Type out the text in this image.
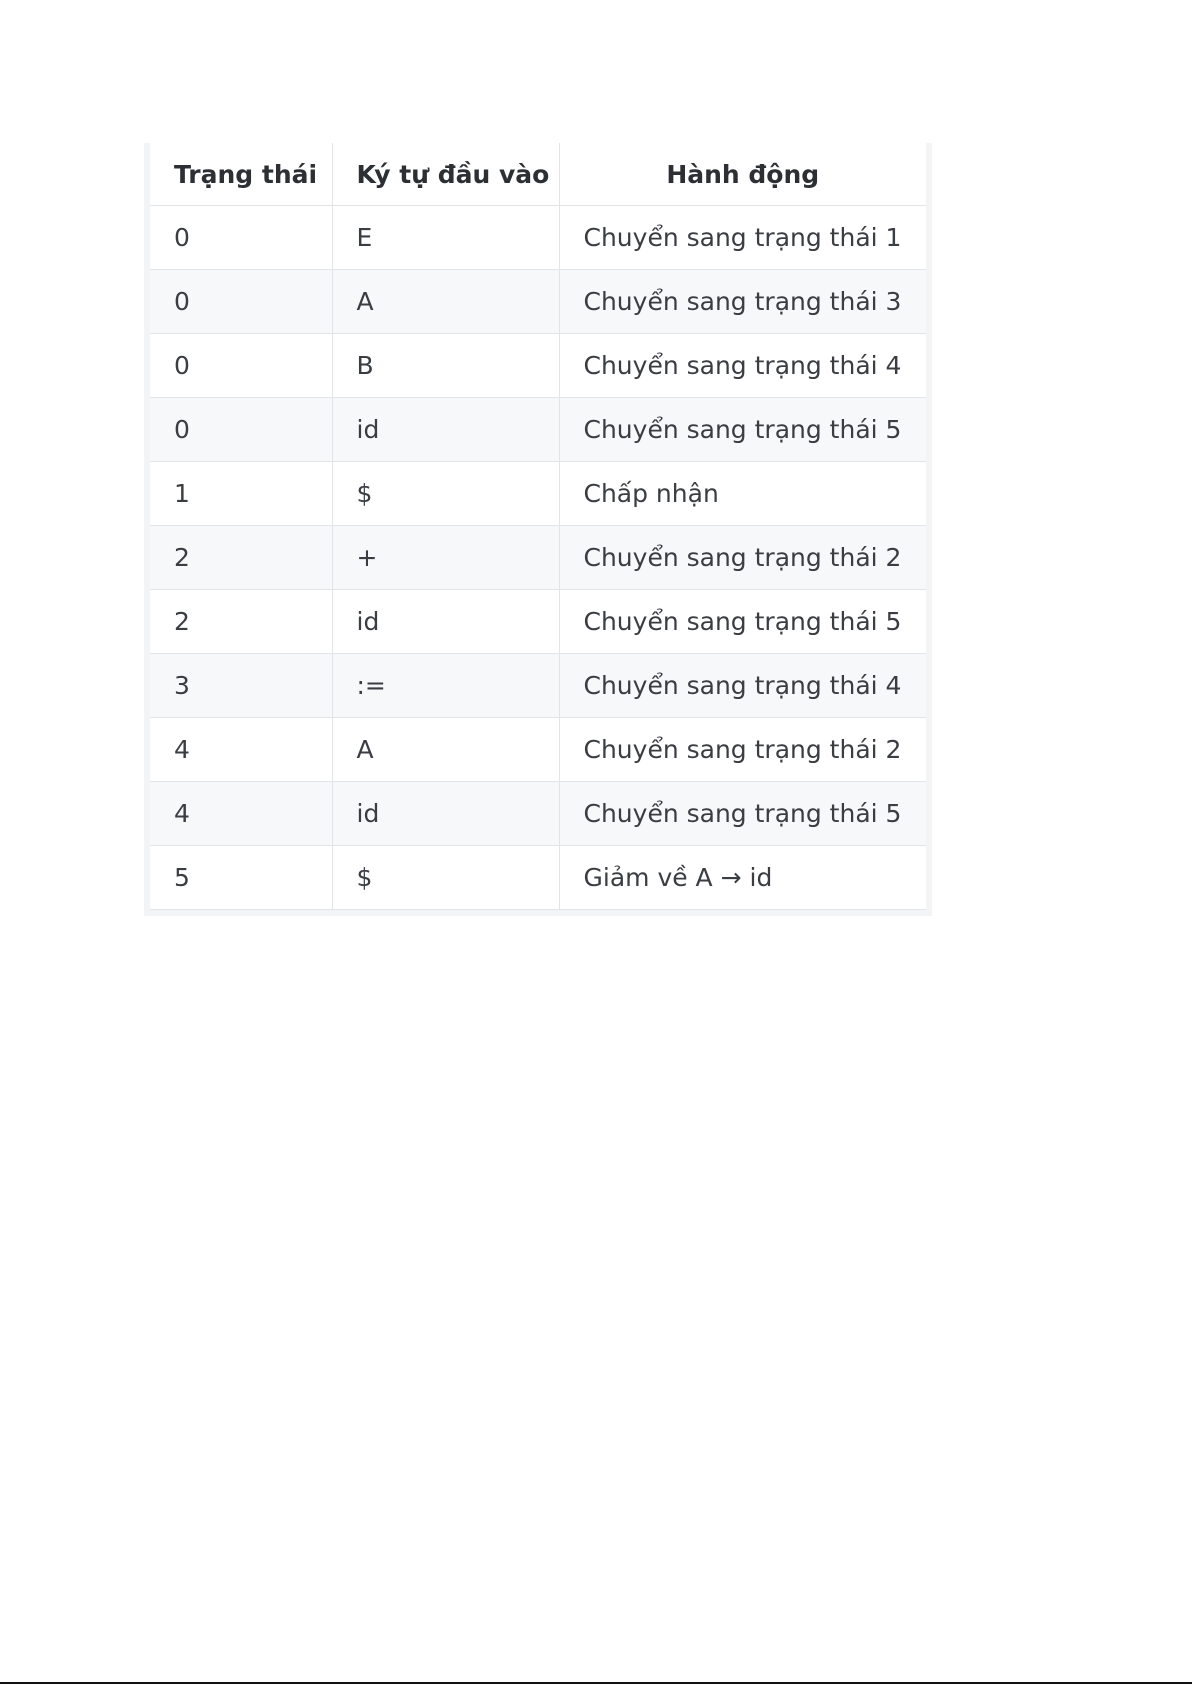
Trạng thái	Ký tự đầu vào	Hành động
0	E	Chuyển sang trạng thái 1
0	A	Chuyển sang trạng thái 3
0	B	Chuyển sang trạng thái 4
0	id	Chuyển sang trạng thái 5
1	$	Chấp nhận
2	+	Chuyển sang trạng thái 2
2	id	Chuyển sang trạng thái 5
3	:=	Chuyển sang trạng thái 4
4	A	Chuyển sang trạng thái 2
4	id	Chuyển sang trạng thái 5
5	$	Giảm về A → id
